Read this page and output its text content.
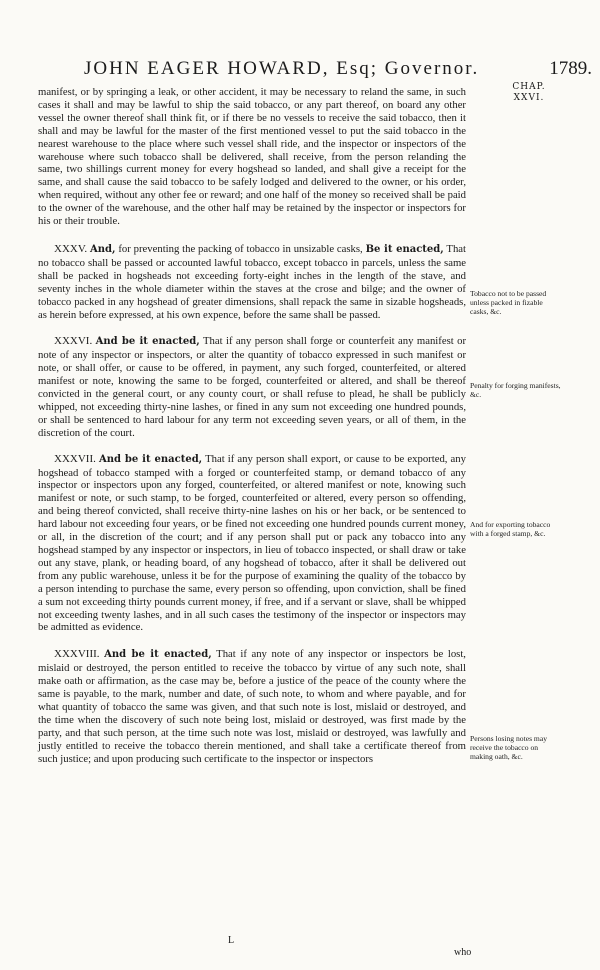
JOHN EAGER HOWARD, Esq; Governor.	1789.
CHAP. XXVI.

manifest, or by springing a leak, or other accident, it may be necessary to reland the same, in such cases it shall and may be lawful to ship the said tobacco, or any part thereof, on board any other vessel the owner thereof shall think fit, or if there be no vessels to receive the said tobacco, then it shall and may be lawful for the master of the first mentioned vessel to put the said tobacco in the nearest warehouse to the place where such vessel shall ride, and the inspector or inspectors of the warehouse where such tobacco shall be delivered, shall receive, from the person relanding the same, two shillings current money for every hogshead so landed, and shall give a receipt for the same, and shall cause the said tobacco to be safely lodged and delivered to the owner, or his order, when required, without any other fee or reward; and one half of the money so received shall be paid to the owner of the warehouse, and the other half may be retained by the inspector or inspectors for his or their trouble.

XXXV. And, for preventing the packing of tobacco in unsizable casks, Be it enacted, That no tobacco shall be passed or accounted lawful tobacco, except tobacco in parcels, unless the same shall be packed in hogsheads not exceeding forty-eight inches in the length of the stave, and seventy inches in the whole diameter within the staves at the crose and bilge; and the owner of tobacco packed in any hogshead of greater dimensions, shall repack the same in sizable hogsheads, as herein before expressed, at his own expence, before the same shall be passed.

XXXVI. And be it enacted, That if any person shall forge or counterfeit any manifest or note of any inspector or inspectors, or alter the quantity of tobacco expressed in such manifest or note, or shall offer, or cause to be offered, in payment, any such forged, counterfeited, or altered manifest or note, knowing the same to be forged, counterfeited or altered, and shall be thereof convicted in the general court, or any county court, or shall refuse to plead, he shall be publicly whipped, not exceeding thirty-nine lashes, or fined in any sum not exceeding one hundred pounds, or shall be sentenced to hard labour for any term not exceeding seven years, or all of them, in the discretion of the court.

XXXVII. And be it enacted, That if any person shall export, or cause to be exported, any hogshead of tobacco stamped with a forged or counterfeited stamp, or demand tobacco of any inspector or inspectors upon any forged, counterfeited, or altered manifest or note, knowing such manifest or note, or such stamp, to be forged, counterfeited or altered, every person so offending, and being thereof convicted, shall receive thirty-nine lashes on his or her back, or be sentenced to hard labour not exceeding four years, or be fined not exceeding one hundred pounds current money, or all, in the discretion of the court; and if any person shall put or pack any tobacco into any hogshead stamped by any inspector or inspectors, in lieu of tobacco inspected, or shall draw or take out any stave, plank, or heading board, of any hogshead of tobacco, after it shall be delivered out from any public warehouse, unless it be for the purpose of examining the quality of the tobacco by a person intending to purchase the same, every person so offending, upon conviction, shall be fined a sum not exceeding thirty pounds current money, if free, and if a servant or slave, shall be whipped not exceeding twenty lashes, and in all such cases the testimony of the inspector or inspectors may be admitted as evidence.

XXXVIII. And be it enacted, That if any note of any inspector or inspectors be lost, mislaid or destroyed, the person entitled to receive the tobacco by virtue of any such note, shall make oath or affirmation, as the case may be, before a justice of the peace of the county where the same is payable, to the mark, number and date, of such note, to whom and where payable, and for what quantity of tobacco the same was given, and that such note is lost, mislaid or destroyed, and the time when the discovery of such note being lost, mislaid or destroyed, was first made by the party, and that such person, at the time such note was lost, mislaid or destroyed, was lawfully and justly entitled to receive the tobacco therein mentioned, and shall take a certificate thereof from such justice; and upon producing such certificate to the inspector or inspectors

Tobacco not to be passed unless packed in fizable casks, &c.
Penalty for forging manifests, &c.
And for exporting tobacco with a forged stamp, &c.
Persons losing notes may receive the tobacco on making oath, &c.
L
who
